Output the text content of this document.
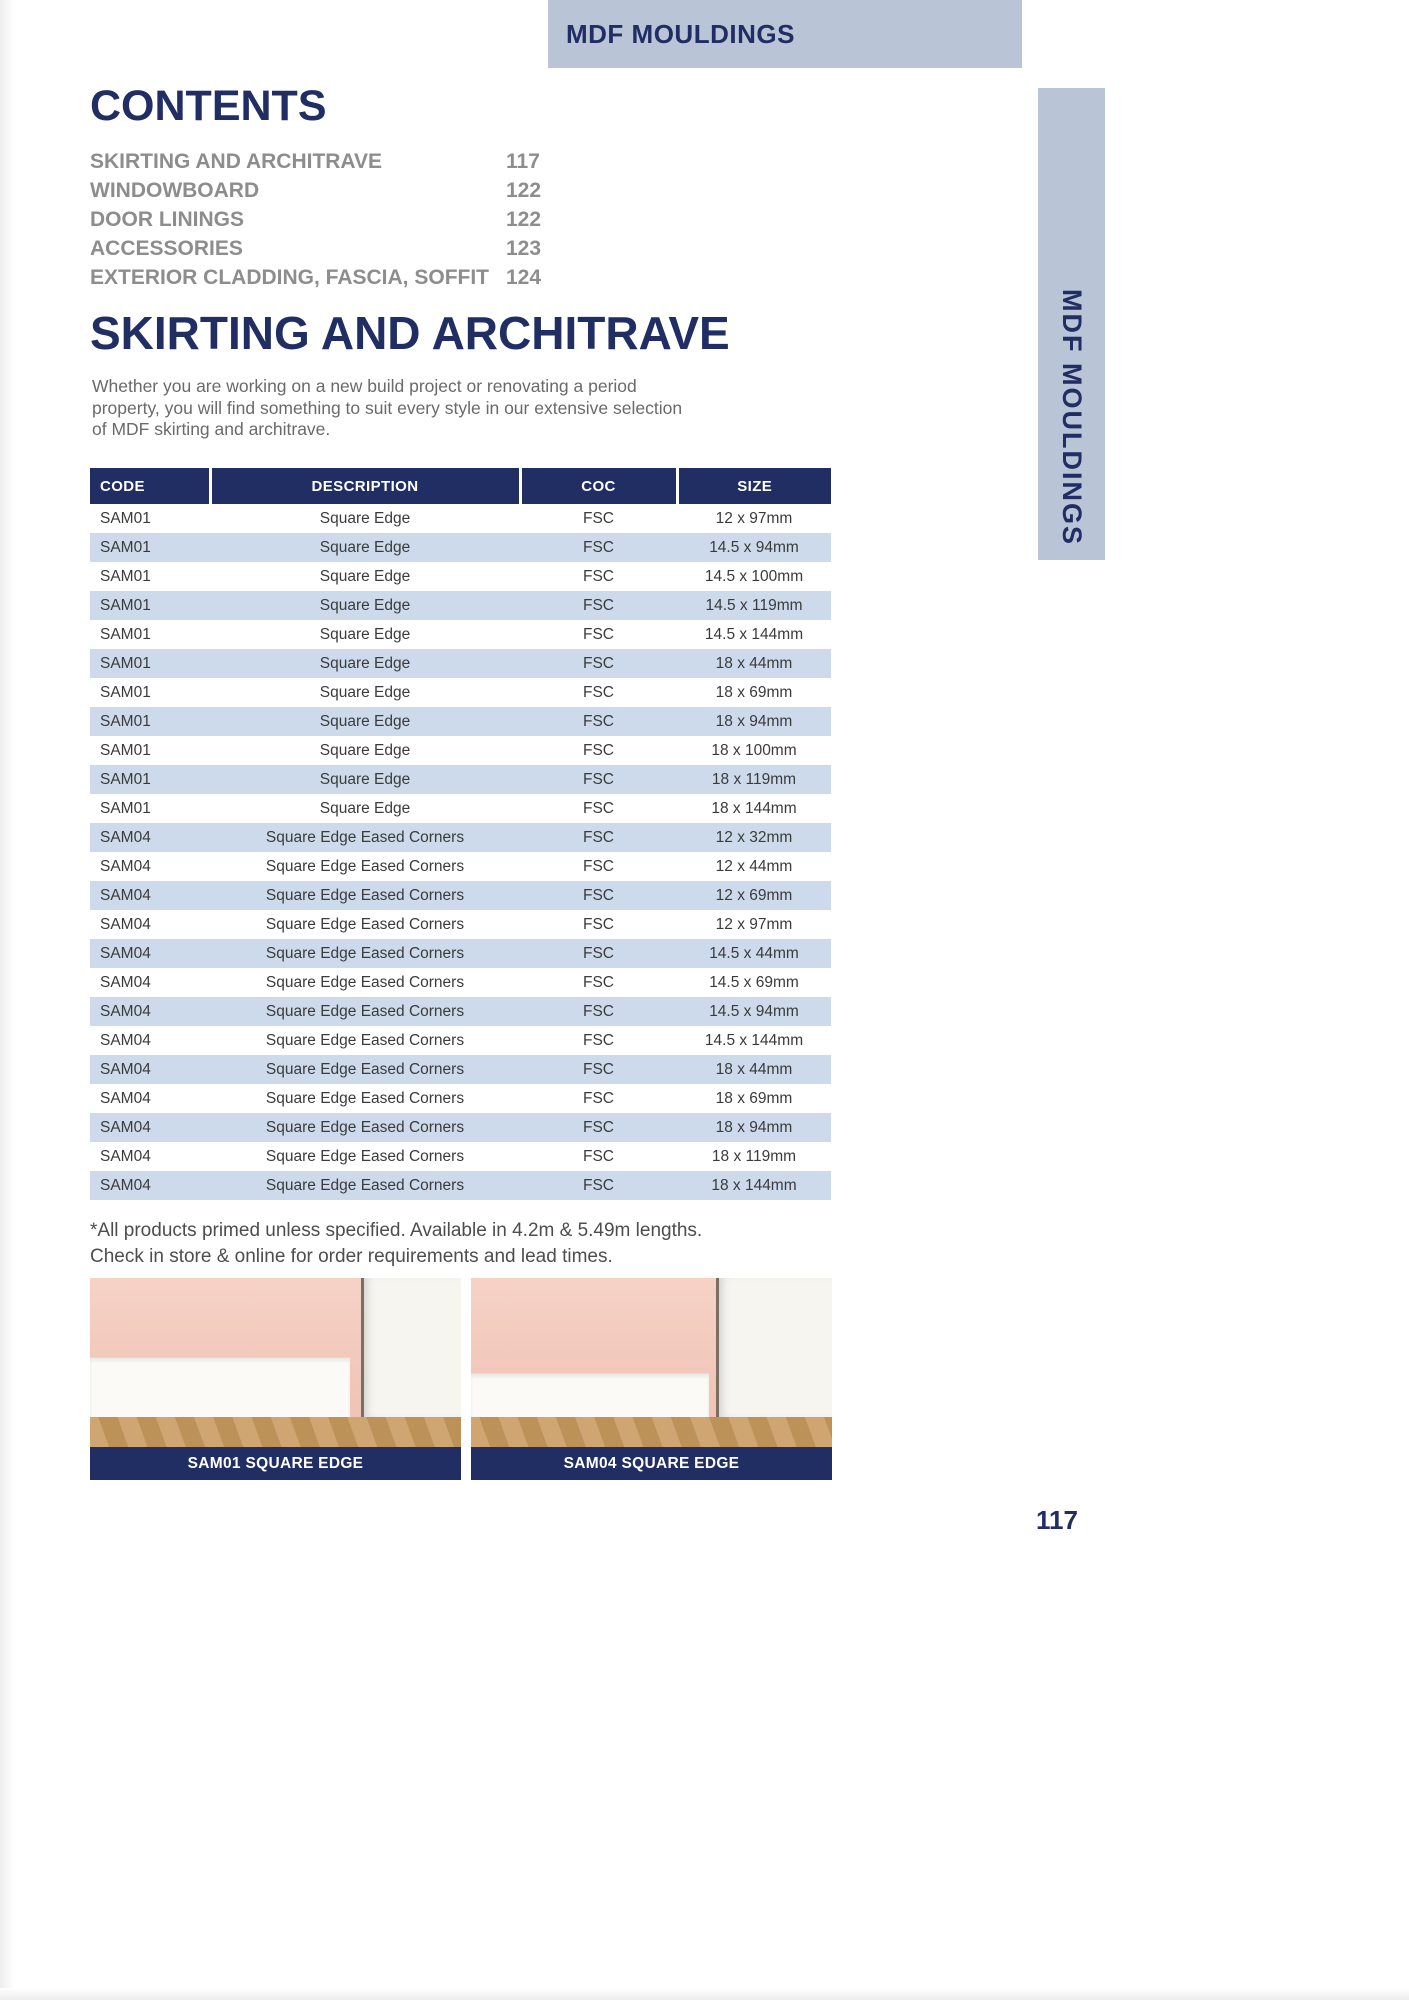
MDF MOULDINGS
MDF MOULDINGS
CONTENTS
SKIRTING AND ARCHITRAVE	117
WINDOWBOARD	122
DOOR LININGS	122
ACCESSORIES	123
EXTERIOR CLADDING, FASCIA, SOFFIT 124
SKIRTING AND ARCHITRAVE

Whether you are working on a new build project or renovating a period property, you will find something to suit every style in our extensive selection of MDF skirting and architrave.

CODE	DESCRIPTION	COC	SIZE
SAM01	Square Edge	FSC	12 x 97mm
SAM01	Square Edge	FSC	14.5 x 94mm
SAM01	Square Edge	FSC	14.5 x 100mm
SAM01	Square Edge	FSC	14.5 x 119mm
SAM01	Square Edge	FSC	14.5 x 144mm
SAM01	Square Edge	FSC	18 x 44mm
SAM01	Square Edge	FSC	18 x 69mm
SAM01	Square Edge	FSC	18 x 94mm
SAM01	Square Edge	FSC	18 x 100mm
SAM01	Square Edge	FSC	18 x 119mm
SAM01	Square Edge	FSC	18 x 144mm
SAM04	Square Edge Eased Corners	FSC	12 x 32mm
SAM04	Square Edge Eased Corners	FSC	12 x 44mm
SAM04	Square Edge Eased Corners	FSC	12 x 69mm
SAM04	Square Edge Eased Corners	FSC	12 x 97mm
SAM04	Square Edge Eased Corners	FSC	14.5 x 44mm
SAM04	Square Edge Eased Corners	FSC	14.5 x 69mm
SAM04	Square Edge Eased Corners	FSC	14.5 x 94mm
SAM04	Square Edge Eased Corners	FSC	14.5 x 144mm
SAM04	Square Edge Eased Corners	FSC	18 x 44mm
SAM04	Square Edge Eased Corners	FSC	18 x 69mm
SAM04	Square Edge Eased Corners	FSC	18 x 94mm
SAM04	Square Edge Eased Corners	FSC	18 x 119mm
SAM04	Square Edge Eased Corners	FSC	18 x 144mm
*All products primed unless specified. Available in 4.2m & 5.49m lengths.
Check in store & online for order requirements and lead times.
SAM01 SQUARE EDGE	SAM04 SQUARE EDGE
117
